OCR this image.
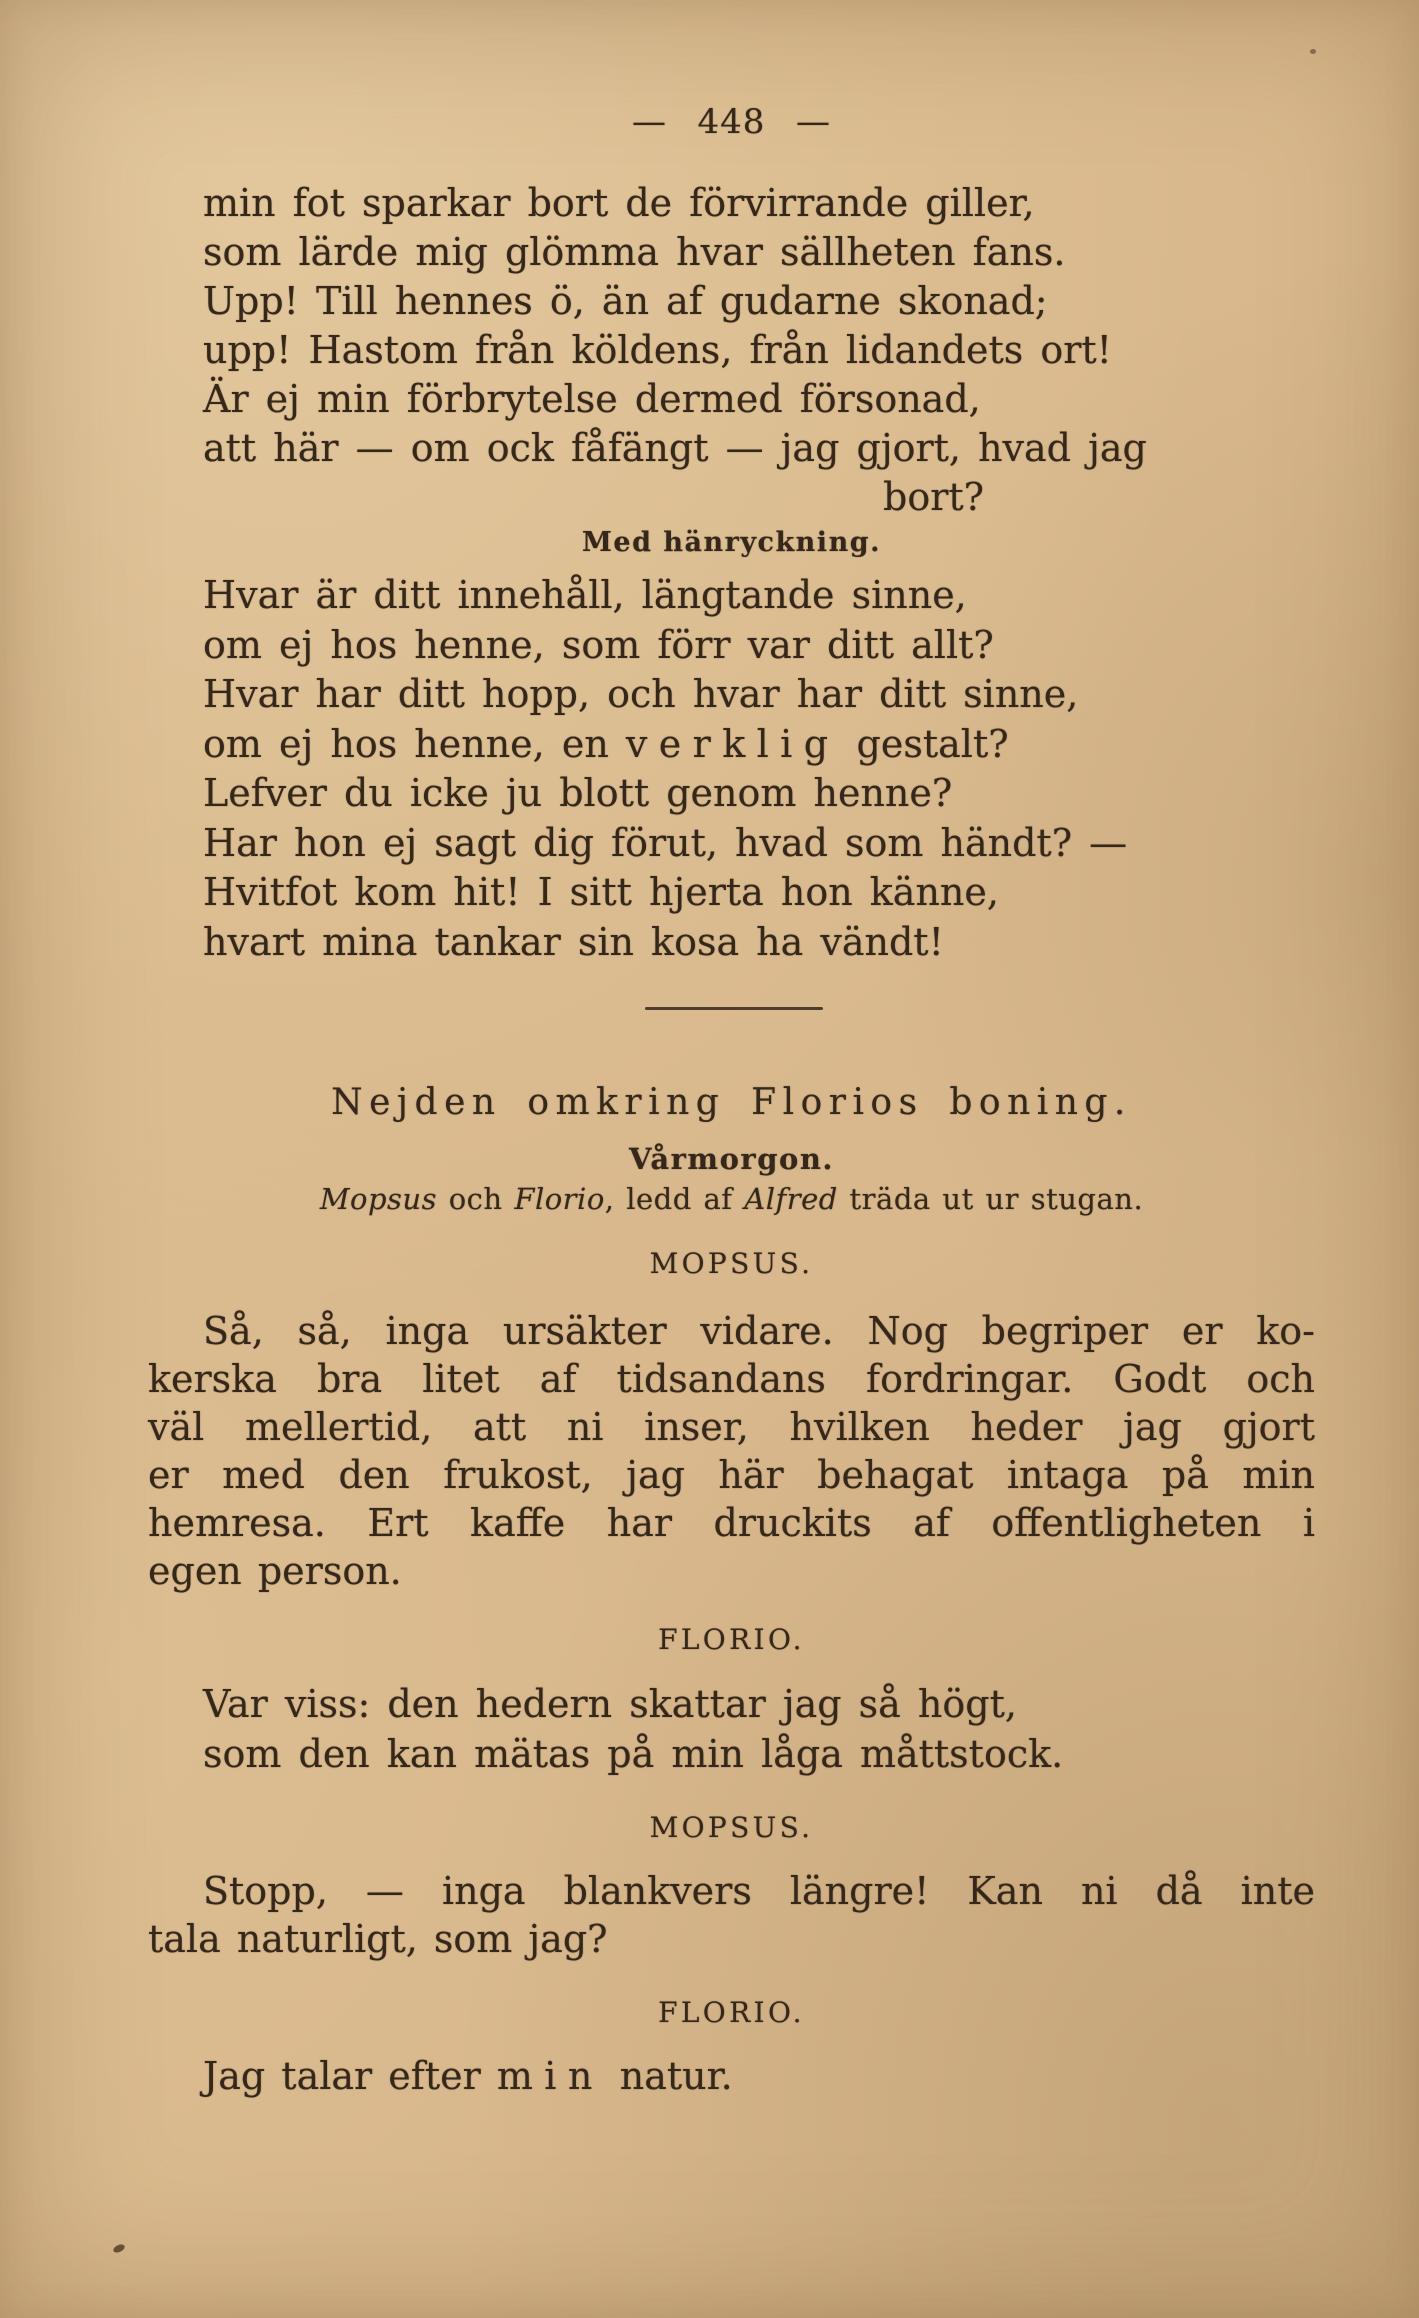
— 448 —
min fot sparkar bort de förvirrande giller,
som lärde mig glömma hvar sällheten fans.
Upp! Till hennes ö, än af gudarne skonad;
upp! Hastom från köldens, från lidandets ort!
Är ej min förbrytelse dermed försonad,
att här — om ock fåfängt — jag gjort, hvad jag
bort?
Med hänryckning.
Hvar är ditt innehåll, längtande sinne,
om ej hos henne, som förr var ditt allt?
Hvar har ditt hopp, och hvar har ditt sinne,
om ej hos henne, en verklig gestalt?
Lefver du icke ju blott genom henne?
Har hon ej sagt dig förut, hvad som händt? —
Hvitfot kom hit! I sitt hjerta hon känne,
hvart mina tankar sin kosa ha vändt!
Nejden omkring Florios boning.
Vårmorgon.
Mopsus och Florio, ledd af Alfred träda ut ur stugan.
MOPSUS.
Så, så, inga ursäkter vidare. Nog begriper er ko-
kerska bra litet af tidsandans fordringar. Godt och
väl mellertid, att ni inser, hvilken heder jag gjort
er med den frukost, jag här behagat intaga på min
hemresa. Ert kaffe har druckits af offentligheten i
egen person.
FLORIO.
Var viss: den hedern skattar jag så högt,
som den kan mätas på min låga måttstock.
MOPSUS.
Stopp, — inga blankvers längre! Kan ni då inte
tala naturligt, som jag?
FLORIO.
Jag talar efter min natur.
